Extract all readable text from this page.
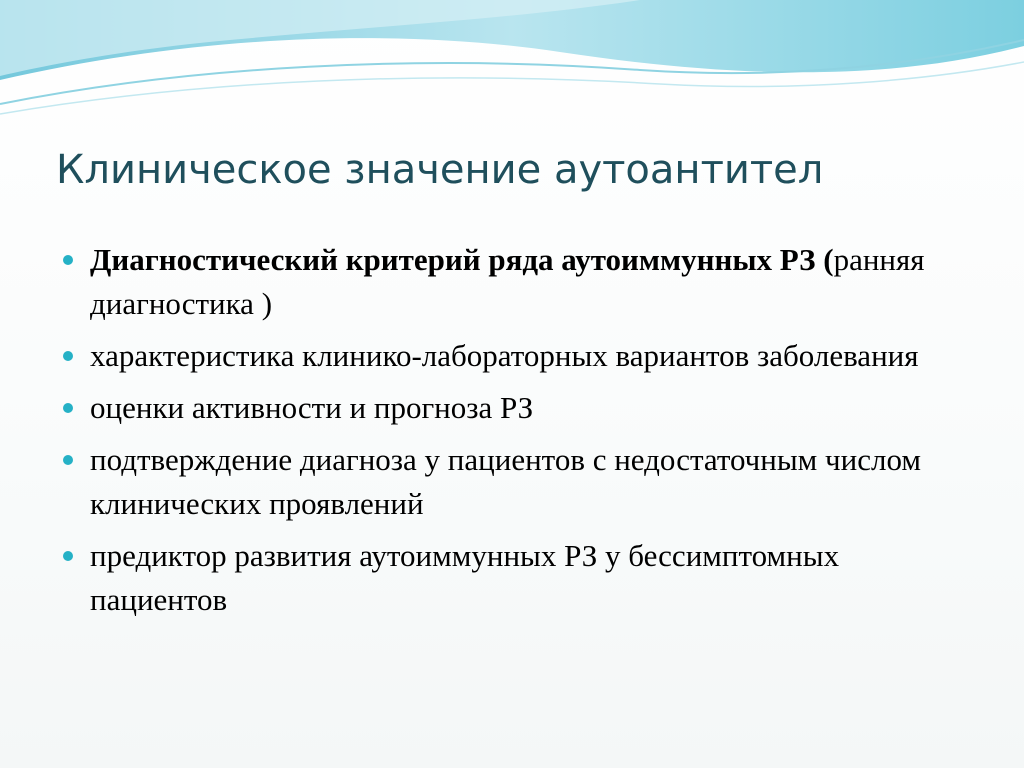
Клиническое значение аутоантител
Диагностический критерий ряда аутоиммунных РЗ (ранняя диагностика )
характеристика клинико-лабораторных вариантов заболевания
оценки активности и прогноза РЗ
подтверждение диагноза у пациентов с недостаточным числом клинических проявлений
предиктор развития аутоиммунных РЗ у бессимптомных пациентов
